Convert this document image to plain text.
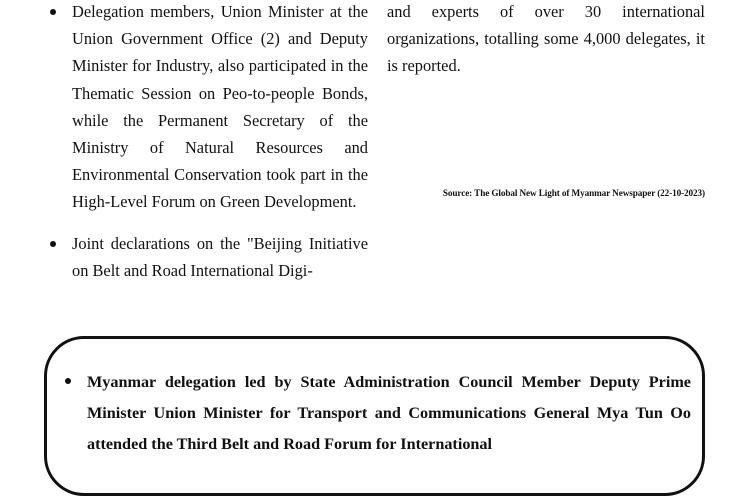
Delegation members, Union Minister at the Union Government Office (2) and Deputy Minister for Industry, also participated in the Thematic Session on Peo-to-people Bonds, while the Permanent Secretary of the Ministry of Natural Resources and Environmental Conservation took part in the High-Level Forum on Green Development.

Joint declarations on the "Beijing Initiative on Belt and Road International Digi-

and experts of over 30 international organizations, totalling some 4,000 delegates, it is reported.

Source: The Global New Light of Myanmar Newspaper (22-10-2023)

Myanmar delegation led by State Administration Council Member Deputy Prime Minister Union Minister for Transport and Communications General Mya Tun Oo attended the Third Belt and Road Forum for International
